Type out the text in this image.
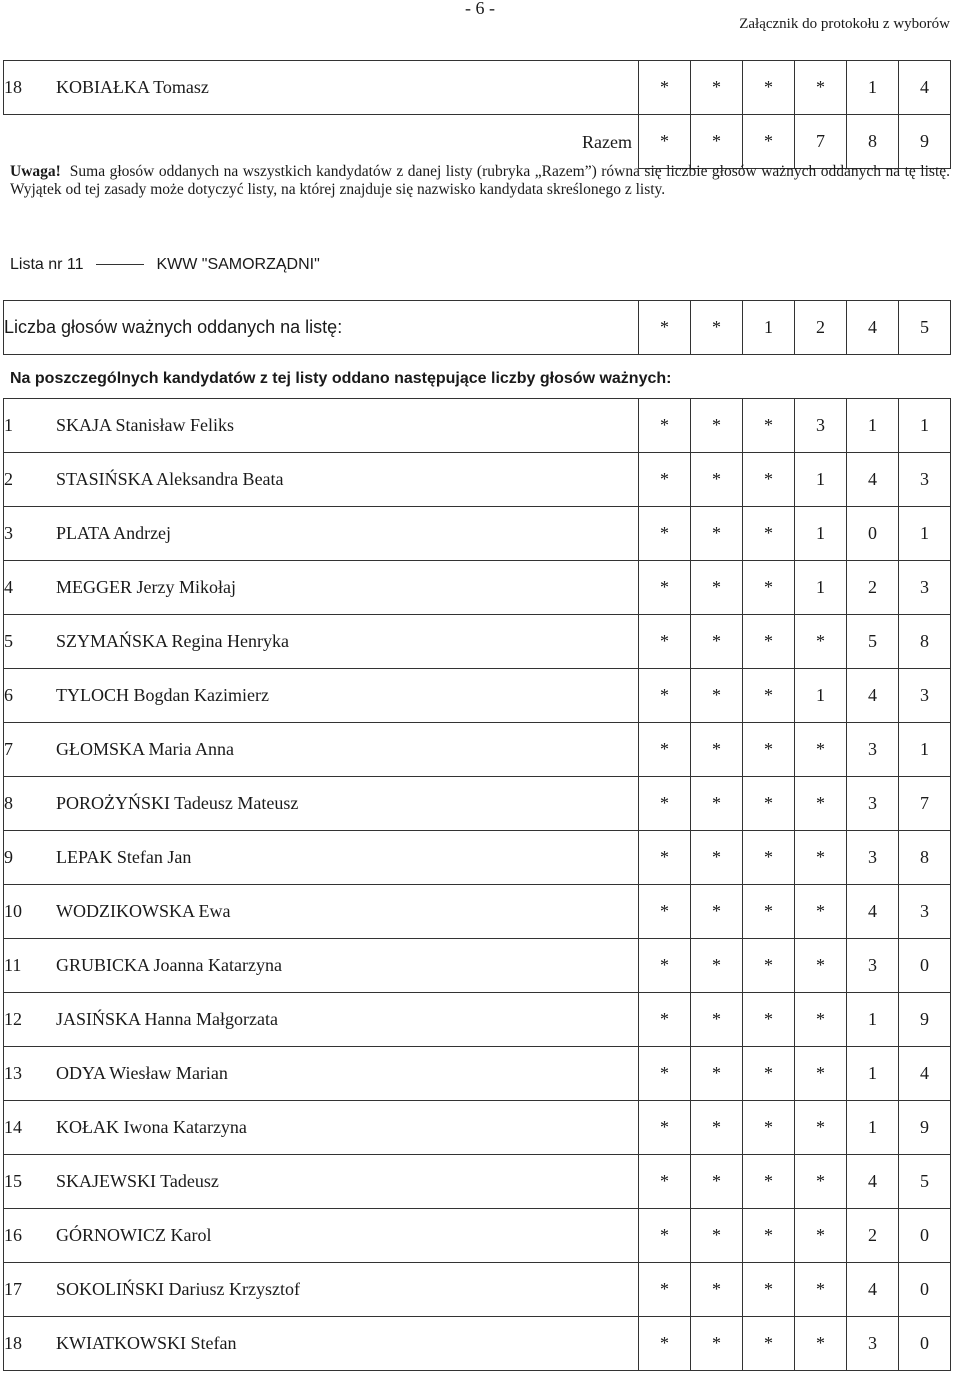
- 6 -
Załącznik do protokołu z wyborów
18 KOBIAŁKA Tomasz	*	*	*	*	1	4

Razem	*	*	*	7	8	9
Uwaga! Suma głosów oddanych na wszystkich kandydatów z danej listy (rubryka „Razem”) równa się liczbie głosów ważnych oddanych na tę listę. Wyjątek od tej zasady może dotyczyć listy, na której znajduje się nazwisko kandydata skreślonego z listy.
Lista nr 11	KWW "SAMORZĄDNI"
Liczba głosów ważnych oddanych na listę:	*	*	1	2	4	5
Na poszczególnych kandydatów z tej listy oddano następujące liczby głosów ważnych:
1 SKAJA Stanisław Feliks	*	*	*	3	1	1
2 STASIŃSKA Aleksandra Beata	*	*	*	1	4	3
3 PLATA Andrzej	*	*	*	1	0	1
4 MEGGER Jerzy Mikołaj	*	*	*	1	2	3
5 SZYMAŃSKA Regina Henryka	*	*	*	*	5	8
6 TYLOCH Bogdan Kazimierz	*	*	*	1	4	3
7 GŁOMSKA Maria Anna	*	*	*	*	3	1
8 POROŻYŃSKI Tadeusz Mateusz	*	*	*	*	3	7
9 LEPAK Stefan Jan	*	*	*	*	3	8
10 WODZIKOWSKA Ewa	*	*	*	*	4	3
11 GRUBICKA Joanna Katarzyna	*	*	*	*	3	0
12 JASIŃSKA Hanna Małgorzata	*	*	*	*	1	9
13 ODYA Wiesław Marian	*	*	*	*	1	4
14 KOŁAK Iwona Katarzyna	*	*	*	*	1	9
15 SKAJEWSKI Tadeusz	*	*	*	*	4	5
16 GÓRNOWICZ Karol	*	*	*	*	2	0
17 SOKOLIŃSKI Dariusz Krzysztof	*	*	*	*	4	0
18 KWIATKOWSKI Stefan	*	*	*	*	3	0
